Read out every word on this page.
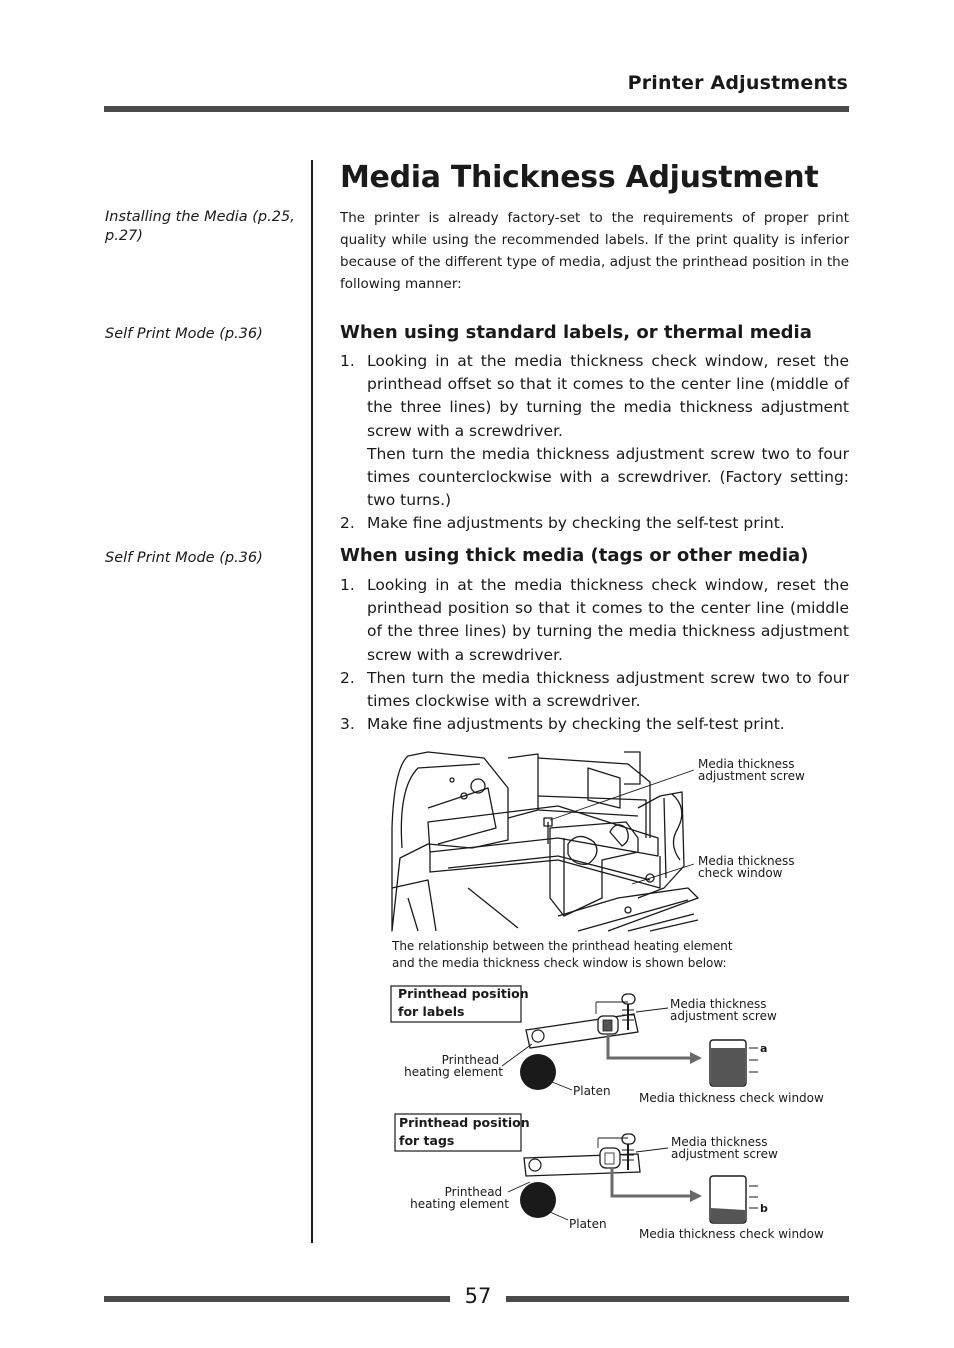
Printer Adjustments
Installing the Media (p.25, p.27)
Self Print Mode (p.36)
Self Print Mode (p.36)
Media Thickness Adjustment
The printer is already factory-set to the requirements of proper print quality while using the recommended labels. If the print quality is inferior because of the different type of media, adjust the printhead position in the following manner:
When using standard labels, or thermal media
1. Looking in at the media thickness check window, reset the printhead offset so that it comes to the center line (middle of the three lines) by turning the media thickness adjustment screw with a screwdriver.
Then turn the media thickness adjustment screw two to four times counterclockwise with a screwdriver. (Factory setting: two turns.)
2. Make fine adjustments by checking the self-test print.
When using thick media (tags or other media)
1. Looking in at the media thickness check window, reset the printhead position so that it comes to the center line (middle of the three lines) by turning the media thickness adjustment screw with a screwdriver.
2. Then turn the media thickness adjustment screw two to four times clockwise with a screwdriver.
3. Make fine adjustments by checking the self-test print.
Media thickness adjustment screw
Media thickness check window
The relationship between the printhead heating element
and the media thickness check window is shown below:
Printhead position for labels
a
Media thickness adjustment screw
Printhead heating element
Platen Media thickness check window
Printhead position for tags
b
Media thickness adjustment screw
Printhead heating element
Platen
Media thickness check window
57
